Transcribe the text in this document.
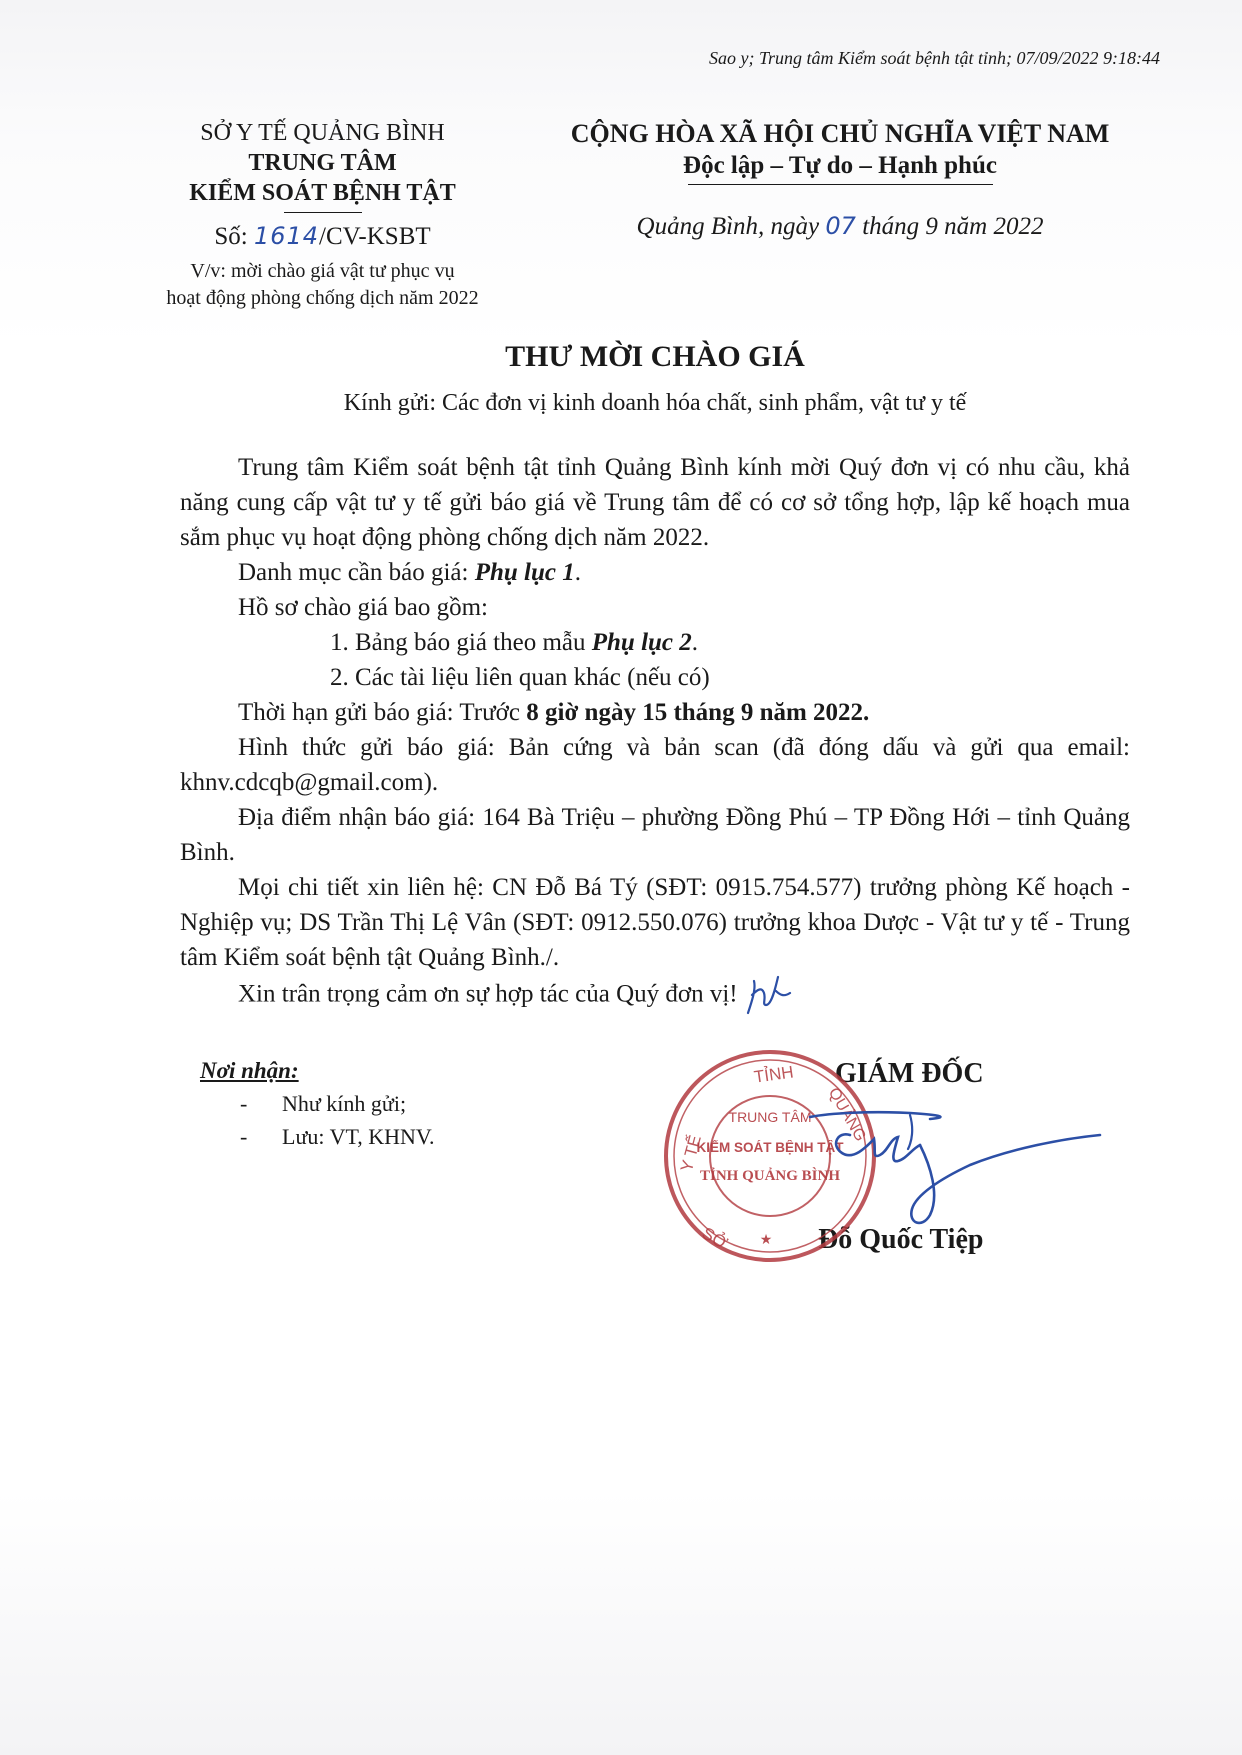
Sao y; Trung tâm Kiểm soát bệnh tật tỉnh; 07/09/2022 9:18:44
SỞ Y TẾ QUẢNG BÌNH
TRUNG TÂM
KIỂM SOÁT BỆNH TẬT
Số: 1614/CV-KSBT
V/v: mời chào giá vật tư phục vụ
hoạt động phòng chống dịch năm 2022
CỘNG HÒA XÃ HỘI CHỦ NGHĨA VIỆT NAM
Độc lập – Tự do – Hạnh phúc
Quảng Bình, ngày 07 tháng 9 năm 2022
THƯ MỜI CHÀO GIÁ
Kính gửi: Các đơn vị kinh doanh hóa chất, sinh phẩm, vật tư y tế

Trung tâm Kiểm soát bệnh tật tỉnh Quảng Bình kính mời Quý đơn vị có nhu cầu, khả năng cung cấp vật tư y tế gửi báo giá về Trung tâm để có cơ sở tổng hợp, lập kế hoạch mua sắm phục vụ hoạt động phòng chống dịch năm 2022.

Danh mục cần báo giá: Phụ lục 1.

Hồ sơ chào giá bao gồm:

1. Bảng báo giá theo mẫu Phụ lục 2.

2. Các tài liệu liên quan khác (nếu có)

Thời hạn gửi báo giá: Trước 8 giờ ngày 15 tháng 9 năm 2022.

Hình thức gửi báo giá: Bản cứng và bản scan (đã đóng dấu và gửi qua email: khnv.cdcqb@gmail.com).

Địa điểm nhận báo giá: 164 Bà Triệu – phường Đồng Phú – TP Đồng Hới – tỉnh Quảng Bình.

Mọi chi tiết xin liên hệ: CN Đỗ Bá Tý (SĐT: 0915.754.577) trưởng phòng Kế hoạch - Nghiệp vụ; DS Trần Thị Lệ Vân (SĐT: 0912.550.076) trưởng khoa Dược - Vật tư y tế - Trung tâm Kiểm soát bệnh tật Quảng Bình./.

Xin trân trọng cảm ơn sự hợp tác của Quý đơn vị!

Nơi nhận:
-	Như kính gửi;
-	Lưu: VT, KHNV.
GIÁM ĐỐC
TỈNH
Y TẾ
QUẢNG
SỞ
TRUNG TÂM
KIỂM SOÁT BỆNH TẬT
TỈNH QUẢNG BÌNH
★ Đỗ Quốc Tiệp
